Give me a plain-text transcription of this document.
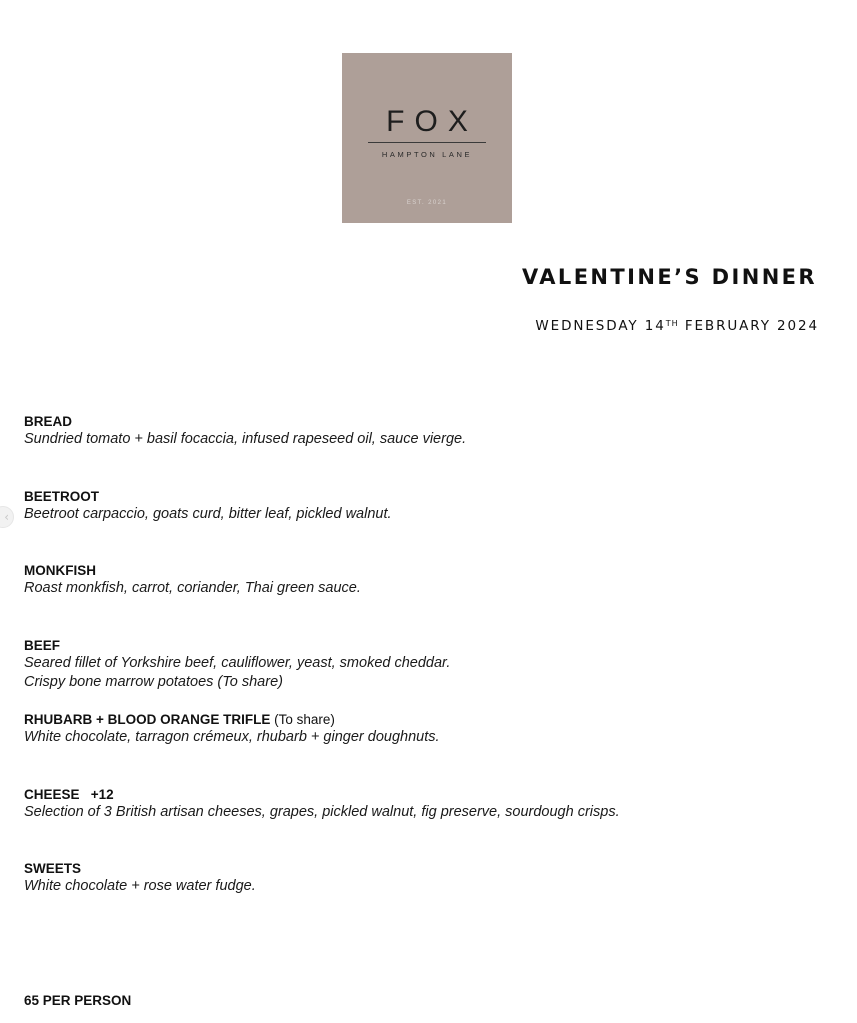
FOX
HAMPTON LANE
EST. 2021
VALENTINE’S DINNER
WEDNESDAY 14TH FEBRUARY 2024
BREAD
Sundried tomato + basil focaccia, infused rapeseed oil, sauce vierge.
BEETROOT
Beetroot carpaccio, goats curd, bitter leaf, pickled walnut.
MONKFISH
Roast monkfish, carrot, coriander, Thai green sauce.
BEEF
Seared fillet of Yorkshire beef, cauliflower, yeast, smoked cheddar.
Crispy bone marrow potatoes (To share)
RHUBARB + BLOOD ORANGE TRIFLE (To share)
White chocolate, tarragon crémeux, rhubarb + ginger doughnuts.
CHEESE   +12
Selection of 3 British artisan cheeses, grapes, pickled walnut, fig preserve, sourdough crisps.
SWEETS
White chocolate + rose water fudge.
65 PER PERSON
‹
